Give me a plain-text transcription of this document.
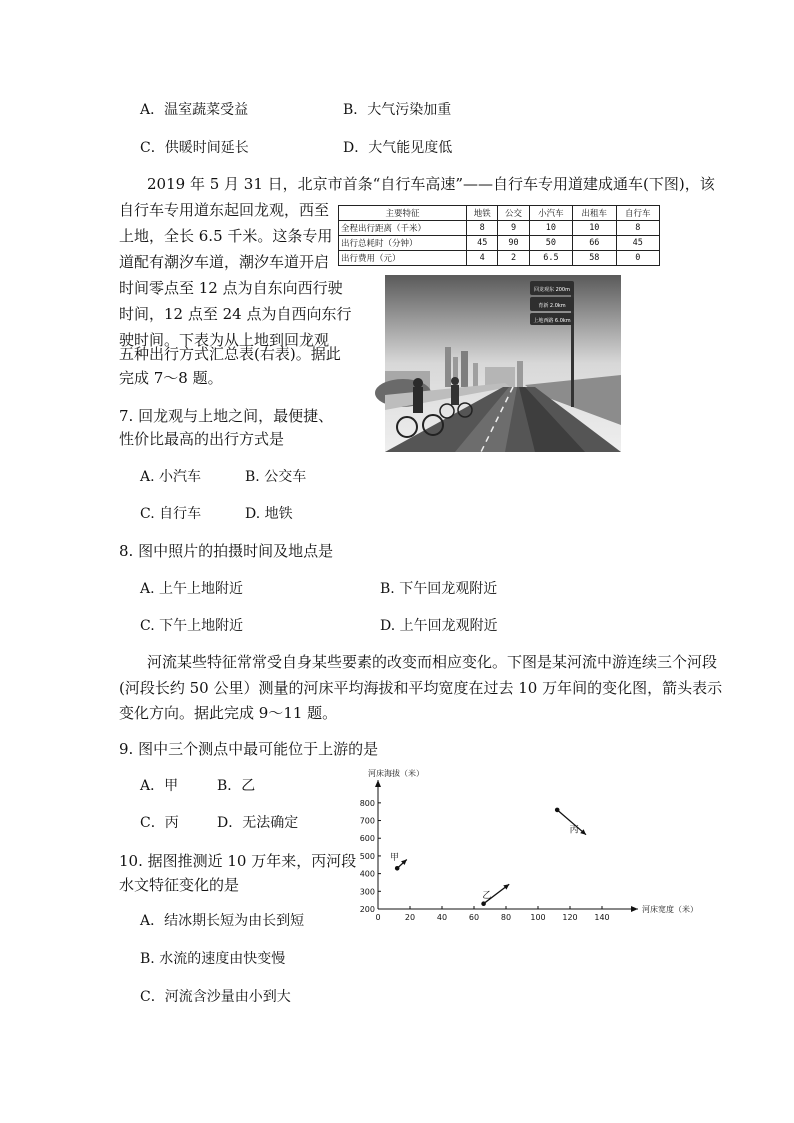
A．温室蔬菜受益	B．大气污染加重
C．供暖时间延长	D．大气能见度低
2019 年 5 月 31 日，北京市首条“自行车高速”——自行车专用道建成通车(下图)，该
自行车专用道东起回龙观，西至
上地，全长 6.5 千米。这条专用
道配有潮汐车道，潮汐车道开启
时间零点至 12 点为自东向西行驶
时间，12 点至 24 点为自西向东行
驶时间。下表为从上地到回龙观
五种出行方式汇总表(右表)。据此
完成 7～8 题。
主要特征	地铁	公交	小汽车	出租车	自行车
全程出行距离（千米）	8	9	10	10	8
出行总耗时（分钟）	45	90	50	66	45
出行费用（元）	4	2	6.5	58	0
回龙观东 200m
育新 2.0km
上地西路 6.0km
7. 回龙观与上地之间，最便捷、
性价比最高的出行方式是
A. 小汽车	B. 公交车
C. 自行车	D. 地铁
8. 图中照片的拍摄时间及地点是
A. 上午上地附近	B. 下午回龙观附近
C. 下午上地附近	D. 上午回龙观附近
河流某些特征常常受自身某些要素的改变而相应变化。下图是某河流中游连续三个河段
(河段长约 50 公里）测量的河床平均海拔和平均宽度在过去 10 万年间的变化图，箭头表示
变化方向。据此完成 9～11 题。
9. 图中三个测点中最可能位于上游的是
A．甲	B．乙
C．丙	D．无法确定
10. 据图推测近 10 万年来，丙河段
水文特征变化的是
A．结冰期长短为由长到短
B. 水流的速度由快变慢
C．河流含沙量由小到大
0	20	40	60	80 100 120 140
200
300
400
500
600
700
800
河床海拔（米）
河床宽度（米）
甲
乙
丙
